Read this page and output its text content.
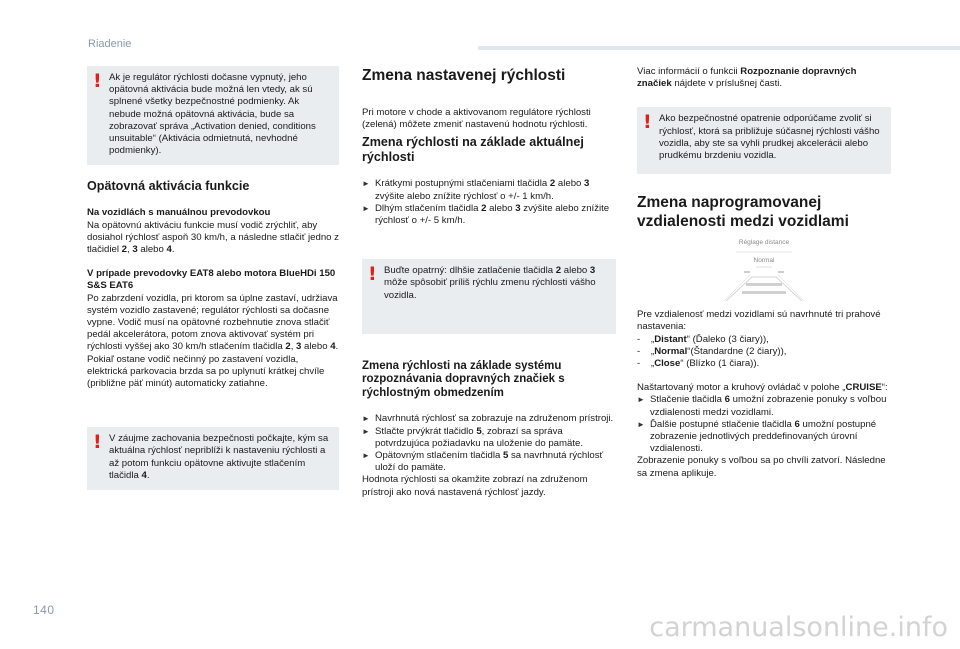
Riadenie
! Ak je regulátor rýchlosti dočasne vypnutý, jeho opätovná aktivácia bude možná len vtedy, ak sú splnené všetky bezpečnostné podmienky. Ak nebude možná opätovná aktivácia, bude sa zobrazovať správa „Activation denied, conditions unsuitable“ (Aktivácia odmietnutá, nevhodné podmienky).
Opätovná aktivácia funkcie
Na vozidlách s manuálnou prevodovkou
Na opätovnú aktiváciu funkcie musí vodič zrýchliť, aby dosiahol rýchlosť aspoň 30 km/h, a následne stlačiť jedno z tlačidiel 2, 3 alebo 4.
V prípade prevodovky EAT8 alebo motora BlueHDi 150 S&S EAT6
Po zabrzdení vozidla, pri ktorom sa úplne zastaví, udržiava systém vozidlo zastavené; regulátor rýchlosti sa dočasne vypne. Vodič musí na opätovné rozbehnutie znova stlačiť pedál akcelerátora, potom znova aktivovať systém pri rýchlosti vyššej ako 30 km/h stlačením tlačidla 2, 3 alebo 4. Pokiaľ ostane vodič nečinný po zastavení vozidla, elektrická parkovacia brzda sa po uplynutí krátkej chvíle (približne päť minút) automaticky zatiahne.
! V záujme zachovania bezpečnosti počkajte, kým sa aktuálna rýchlosť nepriblíži k nastaveniu rýchlosti a až potom funkciu opätovne aktivujte stlačením tlačidla 4.
Zmena nastavenej rýchlosti
Pri motore v chode a aktivovanom regulátore rýchlosti (zelená) môžete zmeniť nastavenú hodnotu rýchlosti.
Zmena rýchlosti na základe aktuálnej rýchlosti
► Krátkymi postupnými stlačeniami tlačidla 2 alebo 3 zvýšite alebo znížite rýchlosť o +/- 1 km/h.
► Dlhým stlačením tlačidla 2 alebo 3 zvýšite alebo znížite rýchlosť o +/- 5 km/h.
! Buďte opatrný: dlhšie zatlačenie tlačidla 2 alebo 3 môže spôsobiť príliš rýchlu zmenu rýchlosti vášho vozidla.
Zmena rýchlosti na základe systému rozpoznávania dopravných značiek s rýchlostným obmedzením
► Navrhnutá rýchlosť sa zobrazuje na združenom prístroji.
► Stlačte prvýkrát tlačidlo 5, zobrazí sa správa potvrdzujúca požiadavku na uloženie do pamäte.
► Opätovným stlačením tlačidla 5 sa navrhnutá rýchlosť uloží do pamäte.
Hodnota rýchlosti sa okamžite zobrazí na združenom prístroji ako nová nastavená rýchlosť jazdy.
Viac informácií o funkcii Rozpoznanie dopravných značiek nájdete v príslušnej časti.
! Ako bezpečnostné opatrenie odporúčame zvoliť si rýchlosť, ktorá sa približuje súčasnej rýchlosti vášho vozidla, aby ste sa vyhli prudkej akcelerácii alebo prudkému brzdeniu vozidla.
Zmena naprogramovanej vzdialenosti medzi vozidlami
Réglage distance
Normal
Pre vzdialenosť medzi vozidlami sú navrhnuté tri prahové nastavenia:
-	„Distant“ (Ďaleko (3 čiary)),
-	„Normal“(Štandardne (2 čiary)),
-	„Close“ (Blízko (1 čiara)).
Naštartovaný motor a kruhový ovládač v polohe „CRUISE“:
► Stlačenie tlačidla 6 umožní zobrazenie ponuky s voľbou vzdialenosti medzi vozidlami.
► Ďalšie postupné stlačenie tlačidla 6 umožní postupné zobrazenie jednotlivých preddefinovaných úrovní vzdialenosti.
Zobrazenie ponuky s voľbou sa po chvíli zatvorí. Následne sa zmena aplikuje.
140
carmanualsonline.info
